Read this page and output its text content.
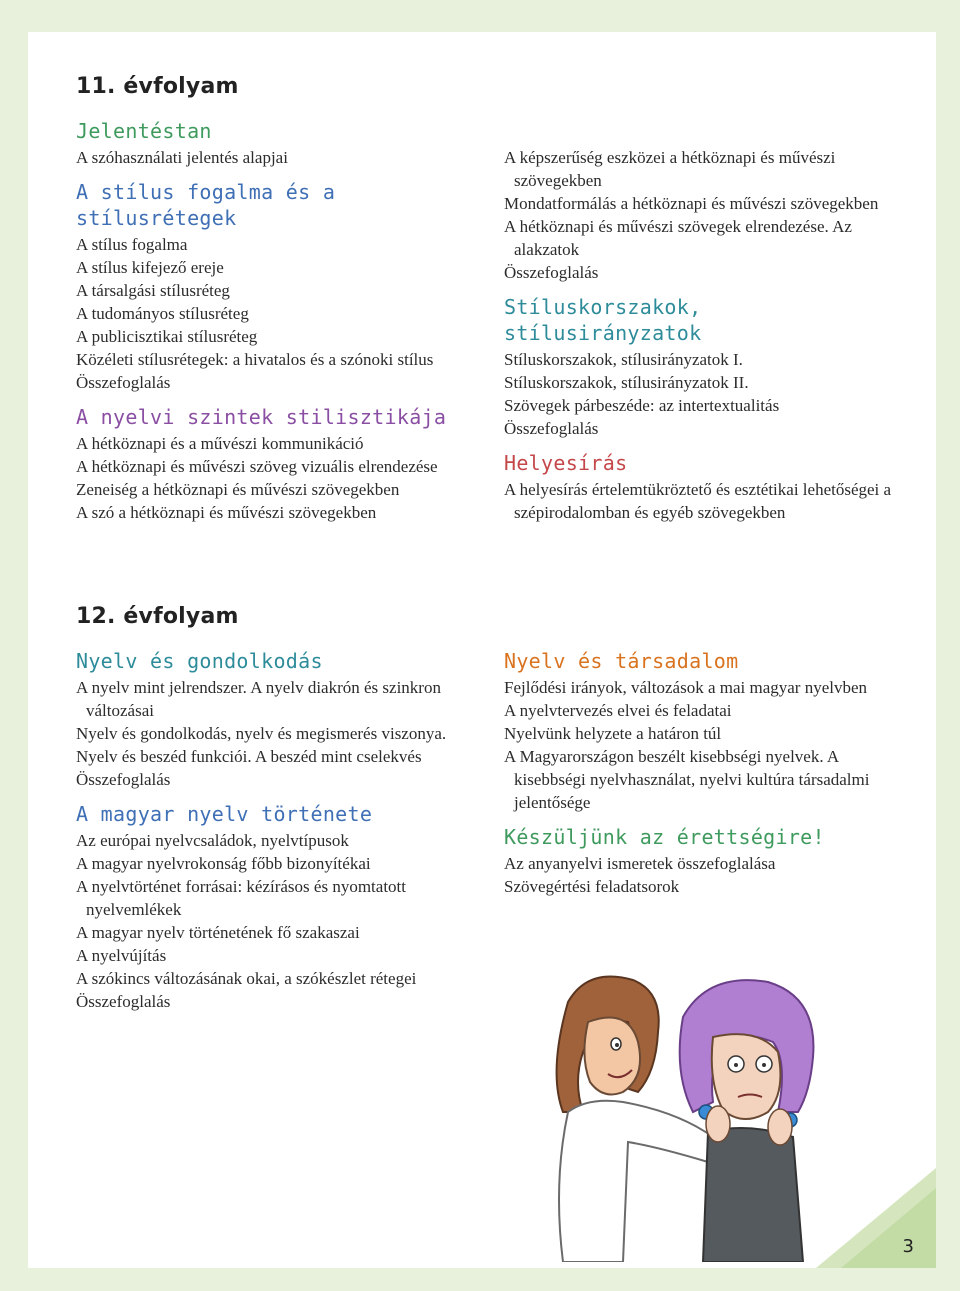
11. évfolyam
Jelentéstan
A szóhasználati jelentés alapjai
A stílus fogalma és a stílusrétegek
A stílus fogalma
A stílus kifejező ereje
A társalgási stílusréteg
A tudományos stílusréteg
A publicisztikai stílusréteg
Közéleti stílusrétegek: a hivatalos és a szónoki stílus
Összefoglalás
A nyelvi szintek stilisztikája
A hétköznapi és a művészi kommunikáció
A hétköznapi és művészi szöveg vizuális elrendezése
Zeneiség a hétköznapi és művészi szövegekben
A szó a hétköznapi és művészi szövegekben
A képszerűség eszközei a hétköznapi és művészi szövegekben
Mondatformálás a hétköznapi és művészi szövegekben
A hétköznapi és művészi szövegek elrendezése. Az alakzatok
Összefoglalás
Stíluskorszakok, stílusirányzatok
Stíluskorszakok, stílusirányzatok I.
Stíluskorszakok, stílusirányzatok II.
Szövegek párbeszéde: az intertextualitás
Összefoglalás
Helyesírás
A helyesírás értelemtükröztető és esztétikai lehetőségei a szépirodalomban és egyéb szövegekben
12. évfolyam
Nyelv és gondolkodás
A nyelv mint jelrendszer. A nyelv diakrón és szinkron változásai
Nyelv és gondolkodás, nyelv és megismerés viszonya.
Nyelv és beszéd funkciói. A beszéd mint cselekvés
Összefoglalás
A magyar nyelv története
Az európai nyelvcsaládok, nyelvtípusok
A magyar nyelvrokonság főbb bizonyítékai
A nyelvtörténet forrásai: kézírásos és nyomtatott nyelvemlékek
A magyar nyelv történetének fő szakaszai
A nyelvújítás
A szókincs változásának okai, a szókészlet rétegei
Összefoglalás
Nyelv és társadalom
Fejlődési irányok, változások a mai magyar nyelvben
A nyelvtervezés elvei és feladatai
Nyelvünk helyzete a határon túl
A Magyarországon beszélt kisebbségi nyelvek. A kisebbségi nyelvhasználat, nyelvi kultúra társadalmi jelentősége
Készüljünk az érettségire!
Az anyanyelvi ismeretek összefoglalása
Szövegértési feladatsorok
3
